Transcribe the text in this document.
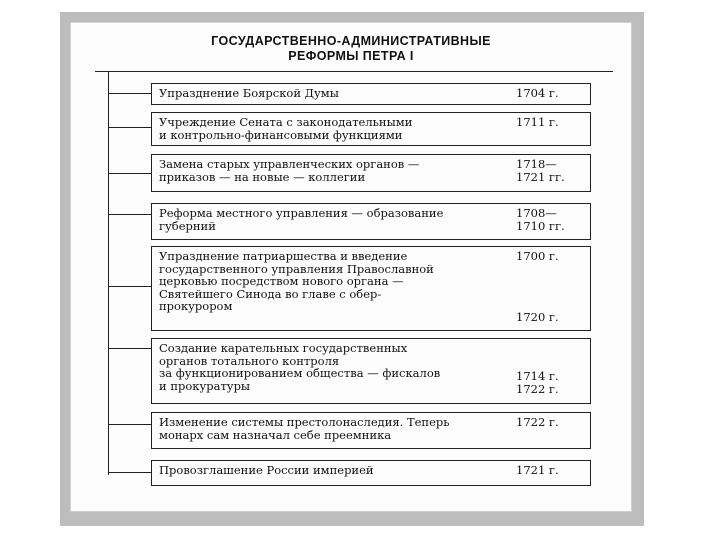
ГОСУДАРСТВЕННО-АДМИНИСТРАТИВНЫЕ
РЕФОРМЫ ПЕТРА I
Упразднение Боярской Думы	1704 г.
Учреждение Сената с законодательными
и контрольно-финансовыми функциями
1711 г.
Замена старых управленческих органов —
приказов — на новые — коллегии
1718—
1721 гг.
Реформа местного управления — образование
губерний
1708—
1710 гг.
Упразднение патриаршества и введение
государственного управления Православной
церковью посредством нового органа —
Святейшего Синода во главе с обер-
прокурором
1700 г.
1720 г.
Создание карательных государственных
органов тотального контроля
за функционированием общества — фискалов
и прокуратуры
1714 г.
1722 г.
Изменение системы престолонаследия. Теперь
монарх сам назначал себе преемника
1722 г.
Провозглашение России империей	1721 г.
